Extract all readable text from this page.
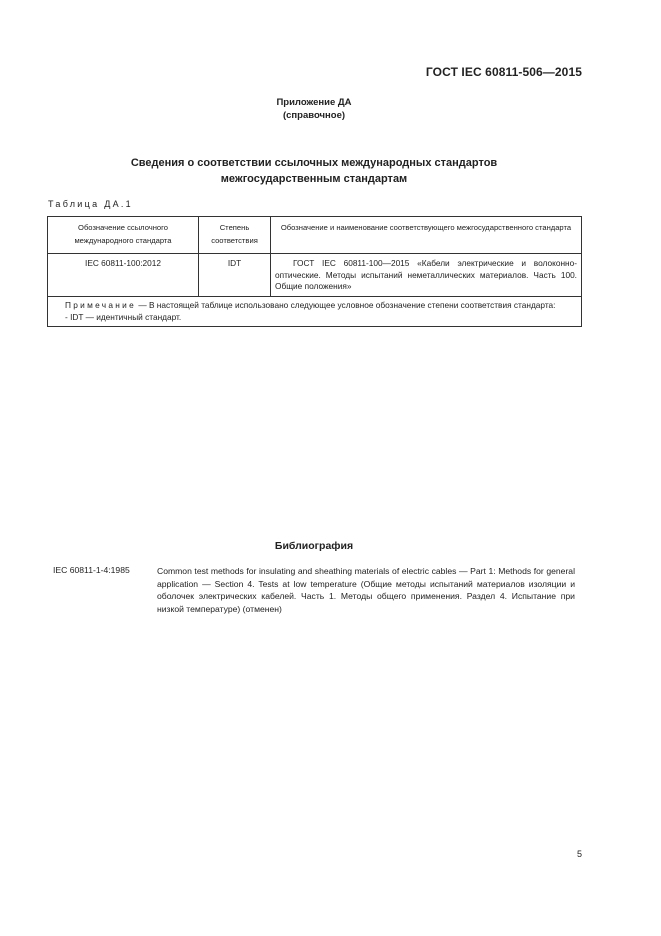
ГОСТ IEC 60811-506—2015
Приложение ДА
(справочное)
Сведения о соответствии ссылочных международных стандартов
межгосударственным стандартам
Таблица ДА.1
Обозначение ссылочного международного стандарта	Степень соответствия	Обозначение и наименование соответствующего межгосударственного стандарта
IEC 60811-100:2012	IDT	ГОСТ IEC 60811-100—2015 «Кабели электрические и волоконно-оптические. Методы испытаний неметаллических материалов. Часть 100. Общие положения»
Примечание — В настоящей таблице использовано следующее условное обозначение степени соответствия стандарта:
- IDT — идентичный стандарт.		
Библиография
IEC 60811-1-4:1985	Common test methods for insulating and sheathing materials of electric cables — Part 1: Methods for general application — Section 4. Tests at low temperature (Общие методы испытаний материалов изоляции и оболочек электрических кабелей. Часть 1. Методы общего применения. Раздел 4. Испытание при низкой температуре) (отменен)
5
